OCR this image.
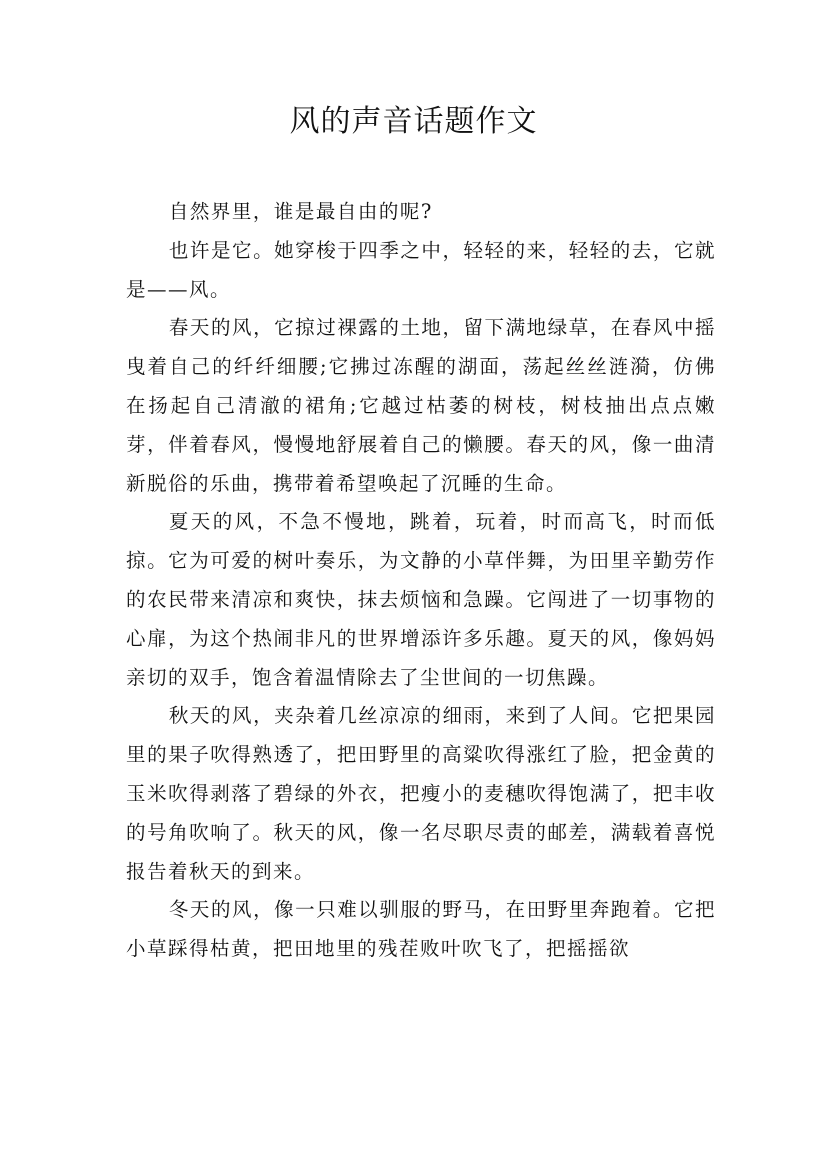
风的声音话题作文

自然界里，谁是最自由的呢?

也许是它。她穿梭于四季之中，轻轻的来，轻轻的去，它就是——风。

春天的风，它掠过裸露的土地，留下满地绿草，在春风中摇曳着自己的纤纤细腰;它拂过冻醒的湖面，荡起丝丝涟漪，仿佛在扬起自己清澈的裙角;它越过枯萎的树枝，树枝抽出点点嫩芽，伴着春风，慢慢地舒展着自己的懒腰。春天的风，像一曲清新脱俗的乐曲，携带着希望唤起了沉睡的生命。

夏天的风，不急不慢地，跳着，玩着，时而高飞，时而低掠。它为可爱的树叶奏乐，为文静的小草伴舞，为田里辛勤劳作的农民带来清凉和爽快，抹去烦恼和急躁。它闯进了一切事物的心扉，为这个热闹非凡的世界增添许多乐趣。夏天的风，像妈妈亲切的双手，饱含着温情除去了尘世间的一切焦躁。

秋天的风，夹杂着几丝凉凉的细雨，来到了人间。它把果园里的果子吹得熟透了，把田野里的高粱吹得涨红了脸，把金黄的玉米吹得剥落了碧绿的外衣，把瘦小的麦穗吹得饱满了，把丰收的号角吹响了。秋天的风，像一名尽职尽责的邮差，满载着喜悦报告着秋天的到来。

冬天的风，像一只难以驯服的野马，在田野里奔跑着。它把小草踩得枯黄，把田地里的残茬败叶吹飞了，把摇摇欲
